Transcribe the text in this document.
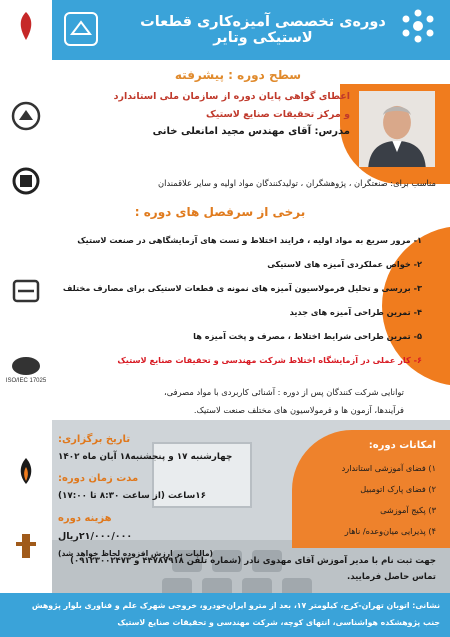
دوره‌ی تخصصی آمیزه‌کاری قطعات لاستیکی وتایر
ISO/IEC 17025
سطح دوره : پیشرفته
اعطای گواهی پایان دوره از سازمان ملی استاندارد
و مرکز تحقیقات صنایع لاستیک
مدرس: آقای مهندس مجید امانعلی خانی
مناسب برای: صنعتگران ، پژوهشگران ، تولیدکنندگان مواد اولیه و سایر علاقمندان
برخی از سرفصل های دوره :
۱- مرور سریع به مواد اولیه ، فرایند اختلاط و تست های آزمایشگاهی در صنعت لاستیک
۲- خواص عملکردی آمیزه های لاستیکی
۳- بررسی و تحلیل فرمولاسیون آمیزه های نمونه ی قطعات لاستیکی برای مصارف مختلف
۴- تمرین طراحی آمیزه های جدید
۵- تمرین طراحی شرایط اختلاط ، مصرف و پخت آمیزه ها
۶- کار عملی در آزمایشگاه اختلاط شرکت مهندسی و تحقیقات صنایع لاستیک
توانایی شرکت کنندگان پس از دوره : آشنائی کاربردی با مواد مصرفی،
فرآیندها، آزمون ها و فرمولاسیون های مختلف صنعت لاستیک.
تاریخ برگزاری:
چهارشنبه ۱۷ و پنجشنبه۱۸ آبان ماه ۱۴۰۲
مدت زمان دوره:
۱۶ساعت (از ساعت ۸:۳۰ تا ۱۷:۰۰)
هزینه دوره
۲۱/۰۰۰/۰۰۰ریال
(مالیات بر ارزش افزوده لحاظ خواهد شد)
امکانات دوره:
۱) فضای آموزشی استاندارد
۲) فضای پارک اتومبیل
۳) پکیج آموزشی
۴) پذیرایی میان‌وعده/ ناهار
جهت ثبت نام با مدیر آموزش آقای مهدوی نادر (شماره تلفن ۴۴۷۸۷۹۱۸ و ۰۹۱۲۳۰۰۲۴۷۳)
تماس حاصل فرمایید.
نشانی: اتوبان تهران-کرج، کیلومتر ۱۷، بعد از مترو ایران‌خودرو، خروجی شهرک علم و فناوری بلوار پژوهش
جنب پژوهشکده هواشناسی، انتهای کوچه، شرکت مهندسی و تحقیقات صنایع لاستیک
